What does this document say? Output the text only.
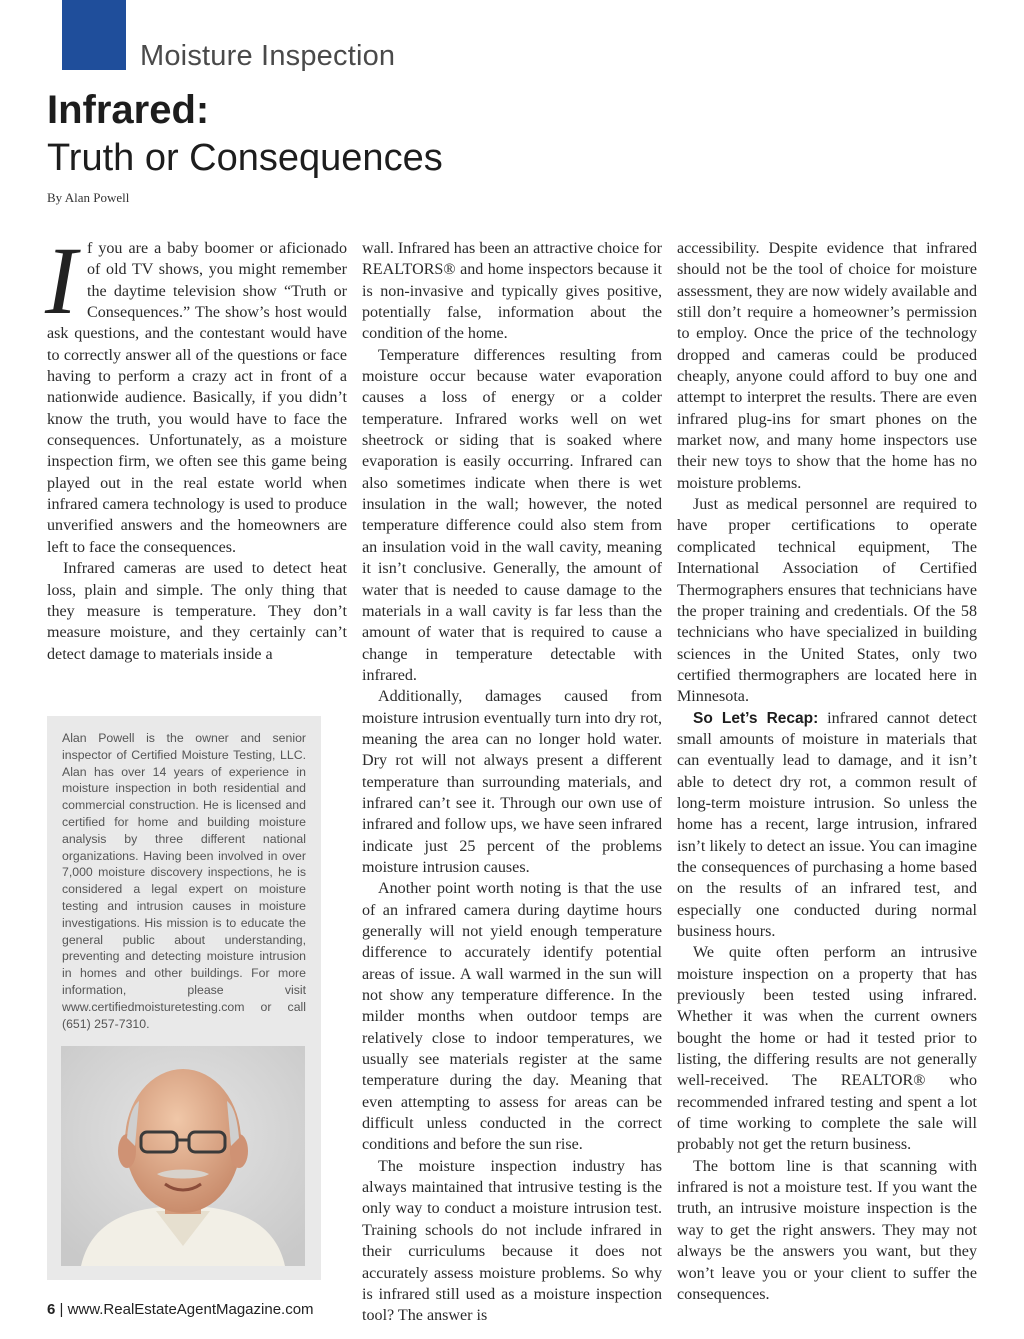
Moisture Inspection
Infrared:
Truth or Consequences
By Alan Powell

If you are a baby boomer or aficionado of old TV shows, you might remember the daytime television show “Truth or Consequences.” The show’s host would ask questions, and the contestant would have to correctly answer all of the questions or face having to perform a crazy act in front of a nationwide audience. Basically, if you didn’t know the truth, you would have to face the consequences. Unfortunately, as a moisture inspection firm, we often see this game being played out in the real estate world when infrared camera technology is used to produce unverified answers and the homeowners are left to face the consequences.

Infrared cameras are used to detect heat loss, plain and simple. The only thing that they measure is temperature. They don’t measure moisture, and they certainly can’t detect damage to materials inside a

Alan Powell is the owner and senior inspector of Certified Moisture Testing, LLC. Alan has over 14 years of experience in moisture inspection in both residential and commercial construction. He is licensed and certified for home and building moisture analysis by three different national organizations. Having been involved in over 7,000 moisture discovery inspections, he is considered a legal expert on moisture testing and intrusion causes in moisture investigations. His mission is to educate the general public about understanding, preventing and detecting moisture intrusion in homes and other buildings. For more information, please visit www.certifiedmoisturetesting.com or call (651) 257-7310.

wall. Infrared has been an attractive choice for REALTORS® and home inspectors because it is non-invasive and typically gives positive, potentially false, information about the condition of the home.

Temperature differences resulting from moisture occur because water evaporation causes a loss of energy or a colder temperature. Infrared works well on wet sheetrock or siding that is soaked where evaporation is easily occurring. Infrared can also sometimes indicate when there is wet insulation in the wall; however, the noted temperature difference could also stem from an insulation void in the wall cavity, meaning it isn’t conclusive. Generally, the amount of water that is needed to cause damage to the materials in a wall cavity is far less than the amount of water that is required to cause a change in temperature detectable with infrared.

Additionally, damages caused from moisture intrusion eventually turn into dry rot, meaning the area can no longer hold water. Dry rot will not always present a different temperature than surrounding materials, and infrared can’t see it. Through our own use of infrared and follow ups, we have seen infrared indicate just 25 percent of the problems moisture intrusion causes.

Another point worth noting is that the use of an infrared camera during daytime hours generally will not yield enough temperature difference to accurately identify potential areas of issue. A wall warmed in the sun will not show any temperature difference. In the milder months when outdoor temps are relatively close to indoor temperatures, we usually see materials register at the same temperature during the day. Meaning that even attempting to assess for areas can be difficult unless conducted in the correct conditions and before the sun rise.

The moisture inspection industry has always maintained that intrusive testing is the only way to conduct a moisture intrusion test. Training schools do not include infrared in their curriculums because it does not accurately assess moisture problems. So why is infrared still used as a moisture inspection tool? The answer is

accessibility. Despite evidence that infrared should not be the tool of choice for moisture assessment, they are now widely available and still don’t require a homeowner’s permission to employ. Once the price of the technology dropped and cameras could be produced cheaply, anyone could afford to buy one and attempt to interpret the results. There are even infrared plug-ins for smart phones on the market now, and many home inspectors use their new toys to show that the home has no moisture problems.

Just as medical personnel are required to have proper certifications to operate complicated technical equipment, The International Association of Certified Thermographers ensures that technicians have the proper training and credentials. Of the 58 technicians who have specialized in building sciences in the United States, only two certified thermographers are located here in Minnesota.

So Let’s Recap: infrared cannot detect small amounts of moisture in materials that can eventually lead to damage, and it isn’t able to detect dry rot, a common result of long-term moisture intrusion. So unless the home has a recent, large intrusion, infrared isn’t likely to detect an issue. You can imagine the consequences of purchasing a home based on the results of an infrared test, and especially one conducted during normal business hours.

We quite often perform an intrusive moisture inspection on a property that has previously been tested using infrared. Whether it was when the current owners bought the home or had it tested prior to listing, the differing results are not generally well-received. The REALTOR® who recommended infrared testing and spent a lot of time working to complete the sale will probably not get the return business.

The bottom line is that scanning with infrared is not a moisture test. If you want the truth, an intrusive moisture inspection is the way to get the right answers. They may not always be the answers you want, but they won’t leave you or your client to suffer the consequences.

6 | www.RealEstateAgentMagazine.com
